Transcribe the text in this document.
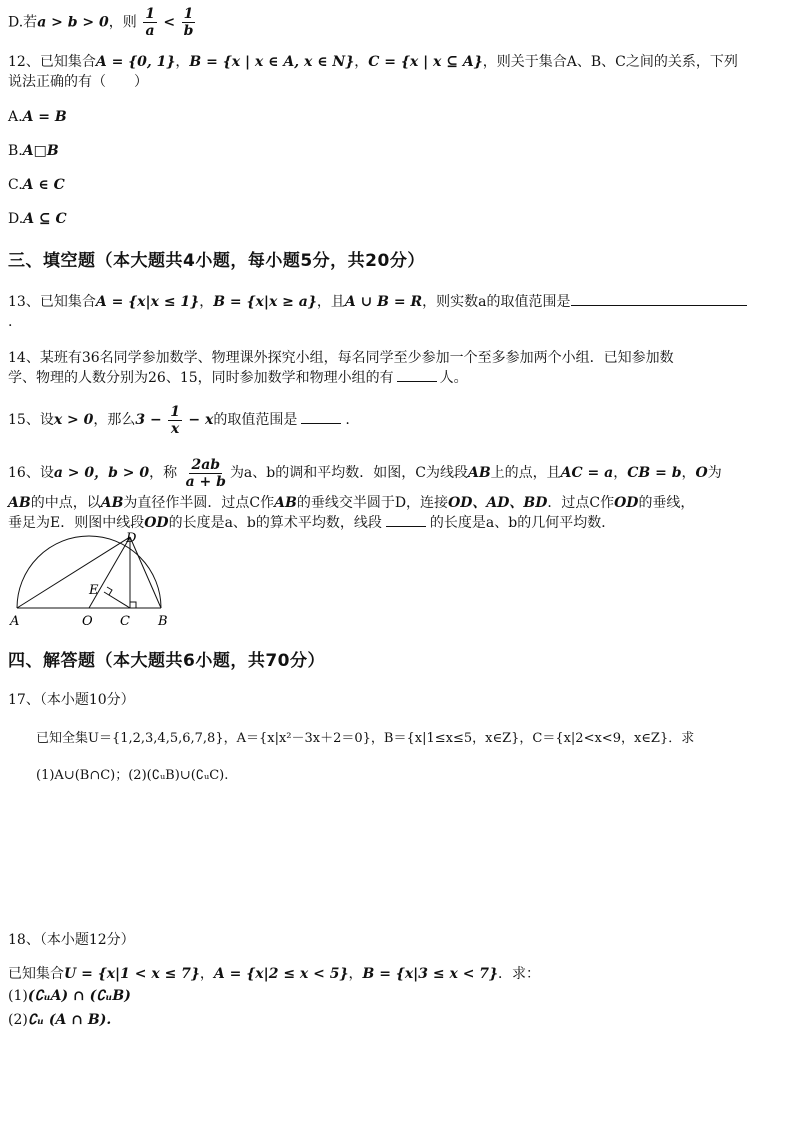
D.若a > b > 0，则 $\frac{1}{a} < \frac{1}{b}$
12、已知集合A = {0, 1}，B = {x | x ∈ A, x ∈ N}，C = {x | x ⊆ A}，则关于集合A、B、C之间的关系，下列
说法正确的有（　　）
A.A = B
B.A□B
C.A ∈ C
D.A ⊆ C
三、填空题（本大题共4小题，每小题5分，共20分）
13、已知集合A = {x|x ≤ 1}，B = {x|x ≥ a}，且A ∪ B = R，则实数a的取值范围是
.
14、某班有36名同学参加数学、物理课外探究小组，每名同学至少参加一个至多参加两个小组．已知参加数
学、物理的人数分别为26、15，同时参加数学和物理小组的有	人。
15、设x > 0，那么$3 - \frac{1}{x} - x$的取值范围是	.
16、设a > 0，b > 0，称 $\frac{2ab}{a + b}$ 为a、b的调和平均数．如图，C为线段AB上的点，且AC = a，CB = b，O为
AB的中点，以AB为直径作半圆．过点C作AB的垂线交半圆于D，连接OD、AD、BD．过点C作OD的垂线，
垂足为E．则图中线段OD的长度是a、b的算术平均数，线段	的长度是a、b的几何平均数．
A	O C B
D
E
四、解答题（本大题共6小题，共70分）
17、（本小题10分）
已知全集U＝{1,2,3,4,5,6,7,8}，A＝{x|x²－3x＋2＝0}，B＝{x|1≤x≤5，x∈Z}，C＝{x|2<x<9，x∈Z}．求
(1)A∪(B∩C)；(2)(∁ᵤB)∪(∁ᵤC).
18、（本小题12分）
已知集合U = {x|1 < x ≤ 7}，A = {x|2 ≤ x < 5}，B = {x|3 ≤ x < 7}．求：
(1)(∁ᵤA) ∩ (∁ᵤB)
(2)∁ᵤ (A ∩ B).
